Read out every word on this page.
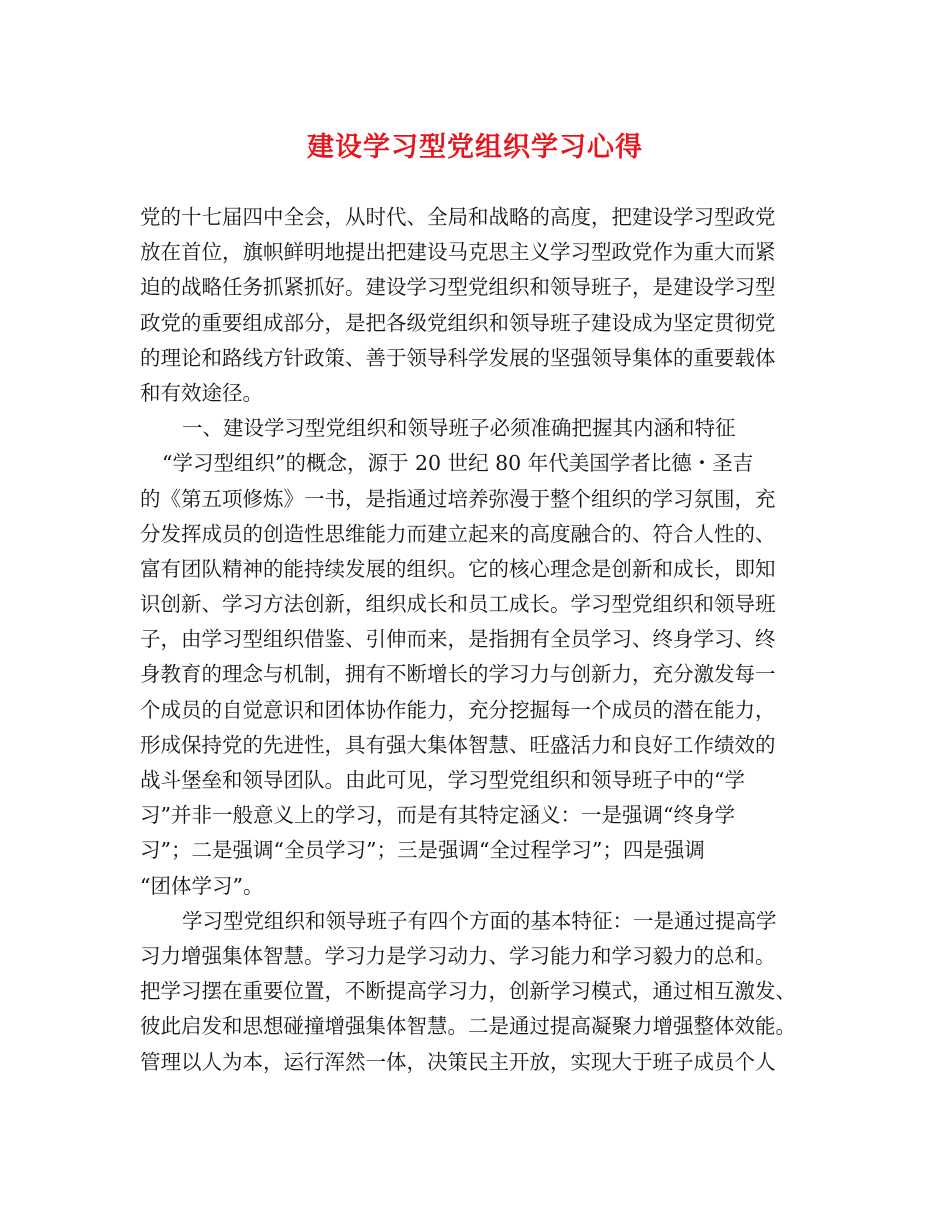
建设学习型党组织学习心得
党的十七届四中全会，从时代、全局和战略的高度，把建设学习型政党
放在首位，旗帜鲜明地提出把建设马克思主义学习型政党作为重大而紧
迫的战略任务抓紧抓好。建设学习型党组织和领导班子，是建设学习型
政党的重要组成部分，是把各级党组织和领导班子建设成为坚定贯彻党
的理论和路线方针政策、善于领导科学发展的坚强领导集体的重要载体
和有效途径。
一、建设学习型党组织和领导班子必须准确把握其内涵和特征
“学习型组织”的概念，源于 20 世纪 80 年代美国学者比德・圣吉
的《第五项修炼》一书，是指通过培养弥漫于整个组织的学习氛围，充
分发挥成员的创造性思维能力而建立起来的高度融合的、符合人性的、
富有团队精神的能持续发展的组织。它的核心理念是创新和成长，即知
识创新、学习方法创新，组织成长和员工成长。学习型党组织和领导班
子，由学习型组织借鉴、引伸而来，是指拥有全员学习、终身学习、终
身教育的理念与机制，拥有不断增长的学习力与创新力，充分激发每一
个成员的自觉意识和团体协作能力，充分挖掘每一个成员的潜在能力，
形成保持党的先进性，具有强大集体智慧、旺盛活力和良好工作绩效的
战斗堡垒和领导团队。由此可见，学习型党组织和领导班子中的“学
习”并非一般意义上的学习，而是有其特定涵义：一是强调“终身学
习”；二是强调“全员学习”；三是强调“全过程学习”；四是强调
“团体学习”。
学习型党组织和领导班子有四个方面的基本特征：一是通过提高学
习力增强集体智慧。学习力是学习动力、学习能力和学习毅力的总和。
把学习摆在重要位置，不断提高学习力，创新学习模式，通过相互激发、
彼此启发和思想碰撞增强集体智慧。二是通过提高凝聚力增强整体效能。
管理以人为本，运行浑然一体，决策民主开放，实现大于班子成员个人
